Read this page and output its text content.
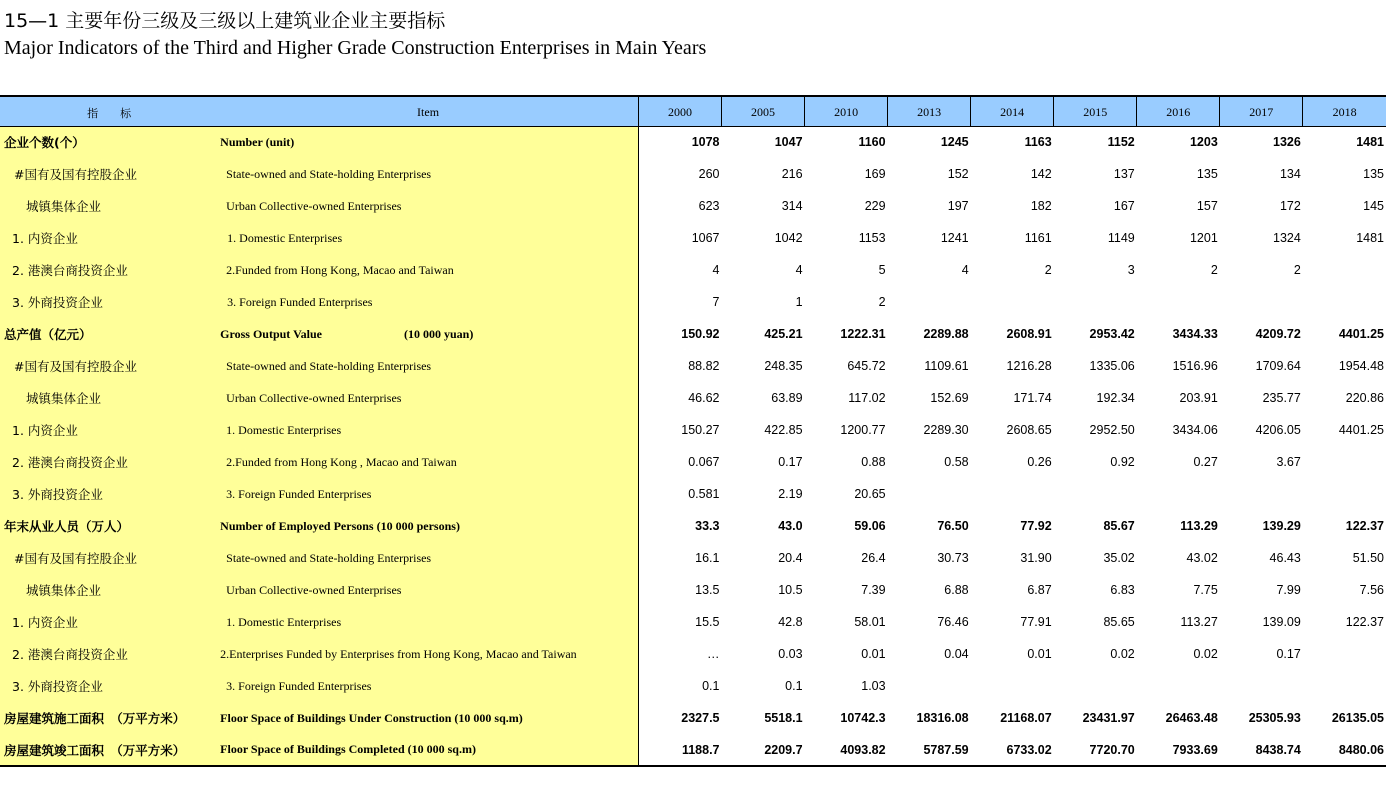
15—1 主要年份三级及三级以上建筑业企业主要指标
Major Indicators of the Third and Higher Grade Construction Enterprises in Main Years
指　　标	Item	2000	2005	2010	2013	2014	2015	2016	2017	2018
企业个数(个）	Number (unit)	1078	1047	1160	1245	1163	1152	1203	1326	1481
#国有及国有控股企业	State-owned and State-holding Enterprises	260	216	169	152	142	137	135	134	135
城镇集体企业	Urban Collective-owned Enterprises	623	314	229	197	182	167	157	172	145
1. 内资企业	1. Domestic Enterprises	1067	1042	1153	1241	1161	1149	1201	1324	1481
2. 港澳台商投资企业	2.Funded from Hong Kong, Macao and Taiwan	4	4	5	4	2	3	2	2	
3. 外商投资企业	3. Foreign Funded Enterprises	7	1	2						
总产值（亿元）	Gross Output Value (10 000 yuan)	150.92	425.21	1222.31	2289.88	2608.91	2953.42	3434.33	4209.72	4401.25
#国有及国有控股企业	State-owned and State-holding Enterprises	88.82	248.35	645.72	1109.61	1216.28	1335.06	1516.96	1709.64	1954.48
城镇集体企业	Urban Collective-owned Enterprises	46.62	63.89	117.02	152.69	171.74	192.34	203.91	235.77	220.86
1. 内资企业	1. Domestic Enterprises	150.27	422.85	1200.77	2289.30	2608.65	2952.50	3434.06	4206.05	4401.25
2. 港澳台商投资企业	2.Funded from Hong Kong , Macao and Taiwan	0.067	0.17	0.88	0.58	0.26	0.92	0.27	3.67	
3. 外商投资企业	3. Foreign Funded Enterprises	0.581	2.19	20.65						
年末从业人员（万人）	Number of Employed Persons (10 000 persons)	33.3	43.0	59.06	76.50	77.92	85.67	113.29	139.29	122.37
#国有及国有控股企业	State-owned and State-holding Enterprises	16.1	20.4	26.4	30.73	31.90	35.02	43.02	46.43	51.50
城镇集体企业	Urban Collective-owned Enterprises	13.5	10.5	7.39	6.88	6.87	6.83	7.75	7.99	7.56
1. 内资企业	1. Domestic Enterprises	15.5	42.8	58.01	76.46	77.91	85.65	113.27	139.09	122.37
2. 港澳台商投资企业	2.Enterprises Funded by Enterprises from Hong Kong, Macao and Taiwan	…	0.03	0.01	0.04	0.01	0.02	0.02	0.17	
3. 外商投资企业	3. Foreign Funded Enterprises	0.1	0.1	1.03						
房屋建筑施工面积　（万平方米）	Floor Space of Buildings Under Construction (10 000 sq.m)	2327.5	5518.1	10742.3	18316.08	21168.07	23431.97	26463.48	25305.93	26135.05
房屋建筑竣工面积　（万平方米）	Floor Space of Buildings Completed (10 000 sq.m)	1188.7	2209.7	4093.82	5787.59	6733.02	7720.70	7933.69	8438.74	8480.06
